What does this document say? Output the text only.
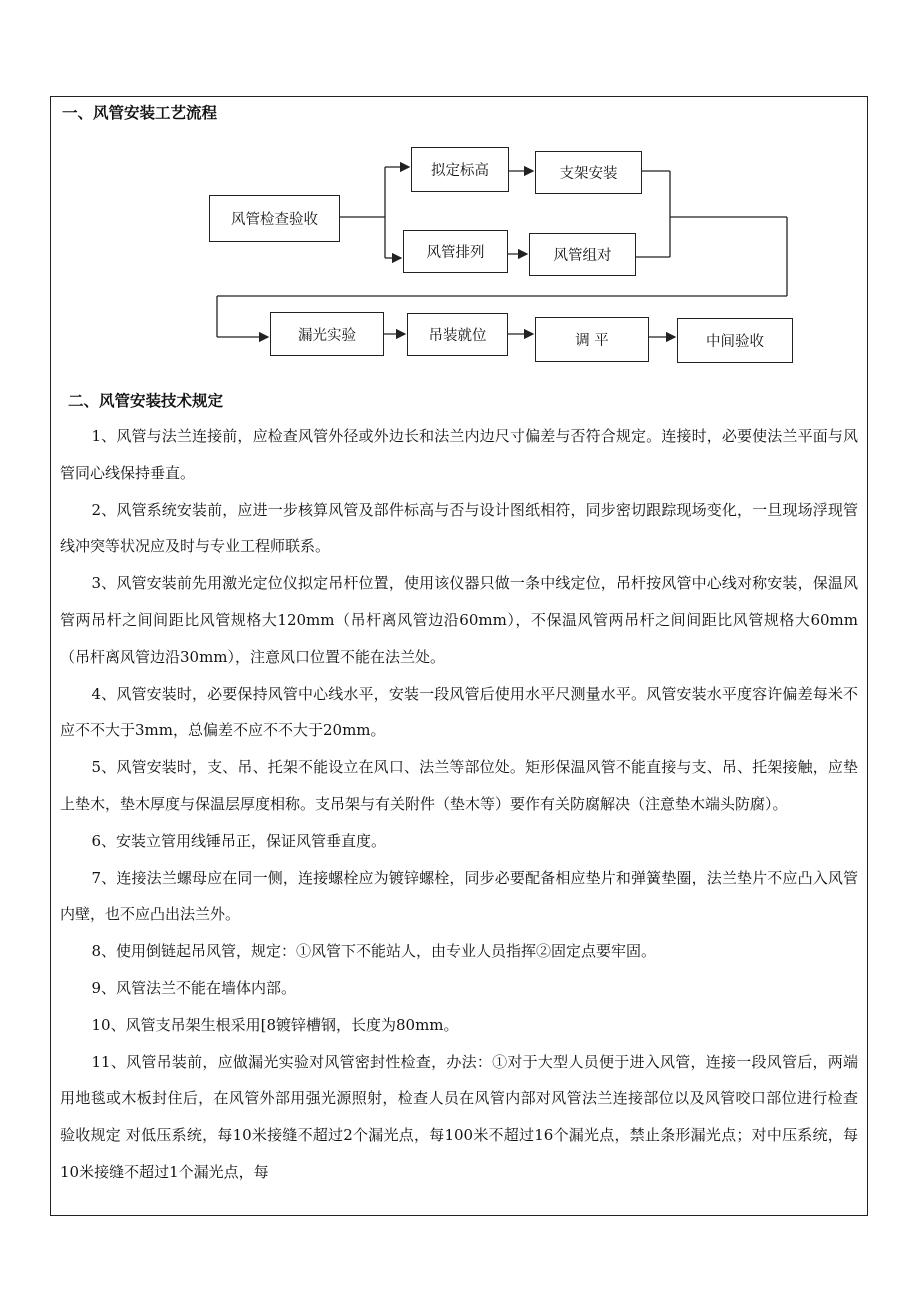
一、风管安装工艺流程
风管检查验收
拟定标高	支架安装
风管排列	风管组对
漏光实验	吊装就位	调 平	中间验收
二、风管安装技术规定

1、风管与法兰连接前，应检查风管外径或外边长和法兰内边尺寸偏差与否符合规定。连接时，必要使法兰平面与风管同心线保持垂直。

2、风管系统安装前，应进一步核算风管及部件标高与否与设计图纸相符，同步密切跟踪现场变化，一旦现场浮现管线冲突等状况应及时与专业工程师联系。

3、风管安装前先用激光定位仪拟定吊杆位置，使用该仪器只做一条中线定位，吊杆按风管中心线对称安装，保温风管两吊杆之间间距比风管规格大120mm（吊杆离风管边沿60mm），不保温风管两吊杆之间间距比风管规格大60mm（吊杆离风管边沿30mm），注意风口位置不能在法兰处。

4、风管安装时，必要保持风管中心线水平，安装一段风管后使用水平尺测量水平。风管安装水平度容许偏差每米不应不不大于3mm，总偏差不应不不大于20mm。

5、风管安装时，支、吊、托架不能设立在风口、法兰等部位处。矩形保温风管不能直接与支、吊、托架接触，应垫上垫木，垫木厚度与保温层厚度相称。支吊架与有关附件（垫木等）要作有关防腐解决（注意垫木端头防腐）。

6、安装立管用线锤吊正，保证风管垂直度。

7、连接法兰螺母应在同一侧，连接螺栓应为镀锌螺栓，同步必要配备相应垫片和弹簧垫圈，法兰垫片不应凸入风管内壁，也不应凸出法兰外。

8、使用倒链起吊风管，规定：①风管下不能站人，由专业人员指挥②固定点要牢固。

9、风管法兰不能在墙体内部。

10、风管支吊架生根采用[8镀锌槽钢，长度为80mm。

11、风管吊装前，应做漏光实验对风管密封性检查，办法：①对于大型人员便于进入风管，连接一段风管后，两端用地毯或木板封住后，在风管外部用强光源照射，检查人员在风管内部对风管法兰连接部位以及风管咬口部位进行检查 验收规定 对低压系统，每10米接缝不超过2个漏光点，每100米不超过16个漏光点，禁止条形漏光点；对中压系统，每10米接缝不超过1个漏光点，每
